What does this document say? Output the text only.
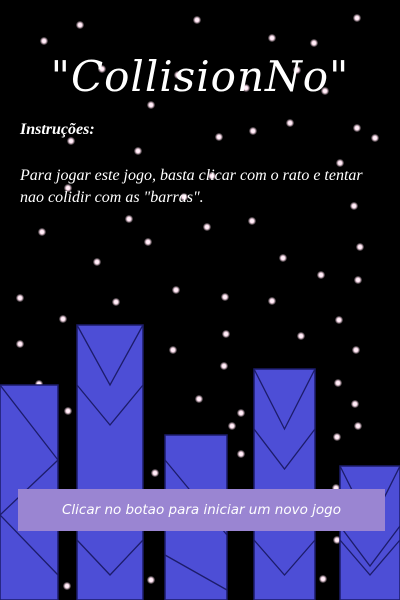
"CollisionNo"
Instruções:
Para jogar este jogo, basta clicar com o rato e tentar nao colidir com as "barras".
Clicar no botao para iniciar um novo jogo
